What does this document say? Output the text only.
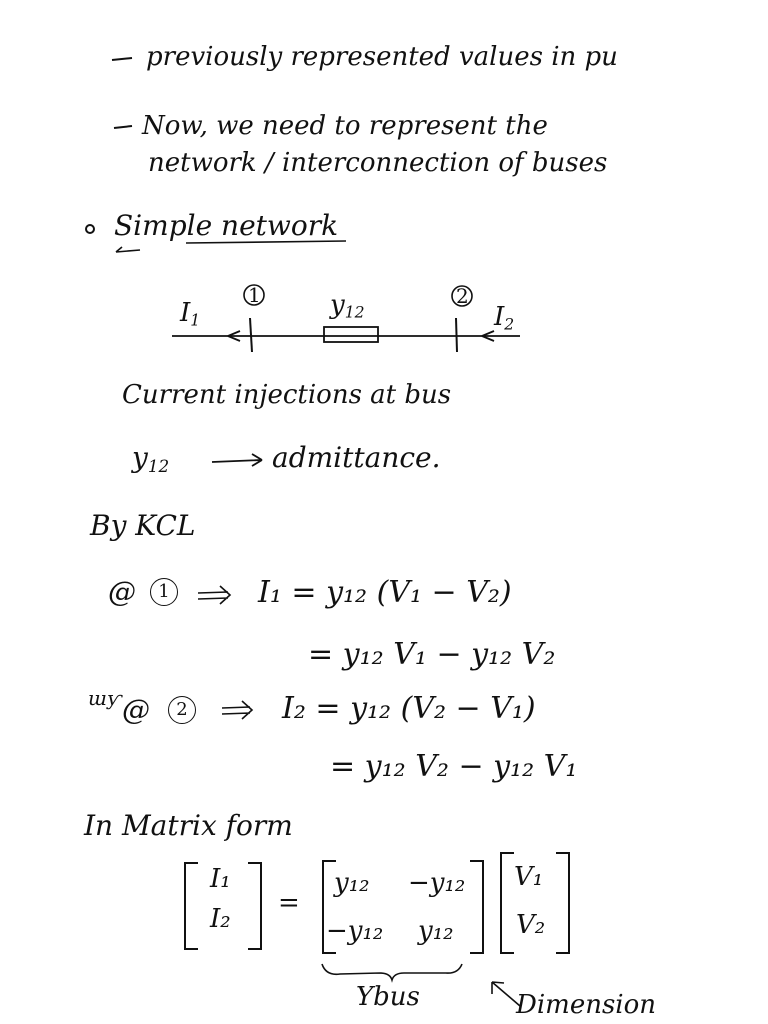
previously represented values in pu
Now, we need to represent the
network / interconnection of buses
Simple network
1	2
$I_1$	$I_2$
$y_{12}$
Current injections at bus
$y_{12}$	admittance.
By KCL
@	1	I₁ = y₁₂ (V₁ − V₂)
= y₁₂ V₁ − y₁₂ V₂
ɯƴ @	2	I₂ = y₁₂ (V₂ − V₁)
= y₁₂ V₂ − y₁₂ V₁
In Matrix form
I₁
I₂
=
y₁₂ −y₁₂
−y₁₂ y₁₂
V₁
V₂
Ybus	Dimension
